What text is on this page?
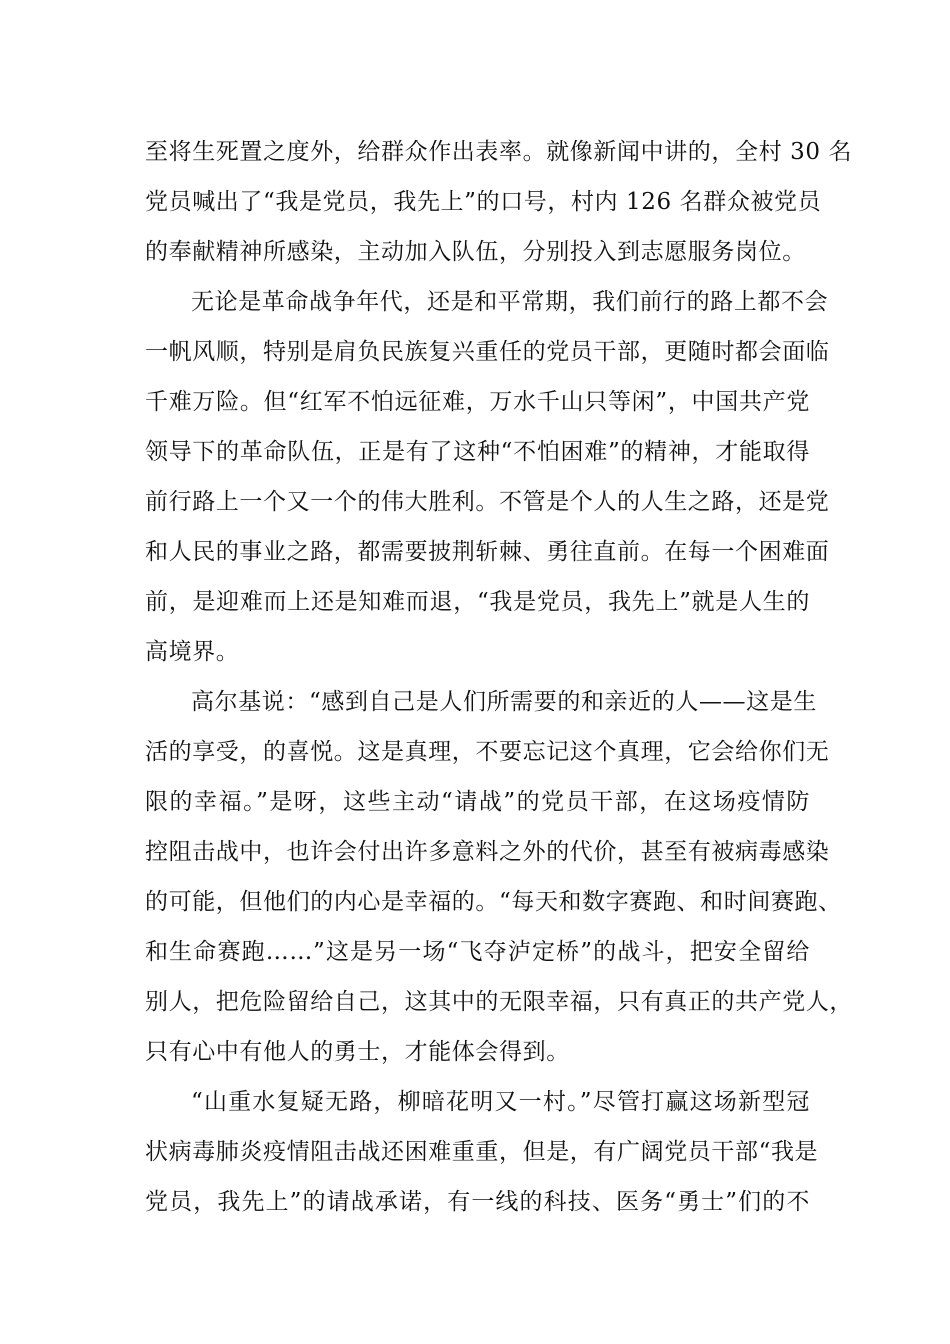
至将生死置之度外，给群众作出表率。就像新闻中讲的，全村 30 名
党员喊出了“我是党员，我先上”的口号，村内 126 名群众被党员
的奉献精神所感染，主动加入队伍，分别投入到志愿服务岗位。
无论是革命战争年代，还是和平常期，我们前行的路上都不会
一帆风顺，特别是肩负民族复兴重任的党员干部，更随时都会面临
千难万险。但“红军不怕远征难，万水千山只等闲”，中国共产党
领导下的革命队伍，正是有了这种“不怕困难”的精神，才能取得
前行路上一个又一个的伟大胜利。不管是个人的人生之路，还是党
和人民的事业之路，都需要披荆斩棘、勇往直前。在每一个困难面
前，是迎难而上还是知难而退，“我是党员，我先上”就是人生的
高境界。
高尔基说：“感到自己是人们所需要的和亲近的人——这是生
活的享受，的喜悦。这是真理，不要忘记这个真理，它会给你们无
限的幸福。”是呀，这些主动“请战”的党员干部，在这场疫情防
控阻击战中，也许会付出许多意料之外的代价，甚至有被病毒感染
的可能，但他们的内心是幸福的。“每天和数字赛跑、和时间赛跑、
和生命赛跑……”这是另一场“飞夺泸定桥”的战斗，把安全留给
别人，把危险留给自己，这其中的无限幸福，只有真正的共产党人，
只有心中有他人的勇士，才能体会得到。
“山重水复疑无路，柳暗花明又一村。”尽管打赢这场新型冠
状病毒肺炎疫情阻击战还困难重重，但是，有广阔党员干部“我是
党员，我先上”的请战承诺，有一线的科技、医务“勇士”们的不
